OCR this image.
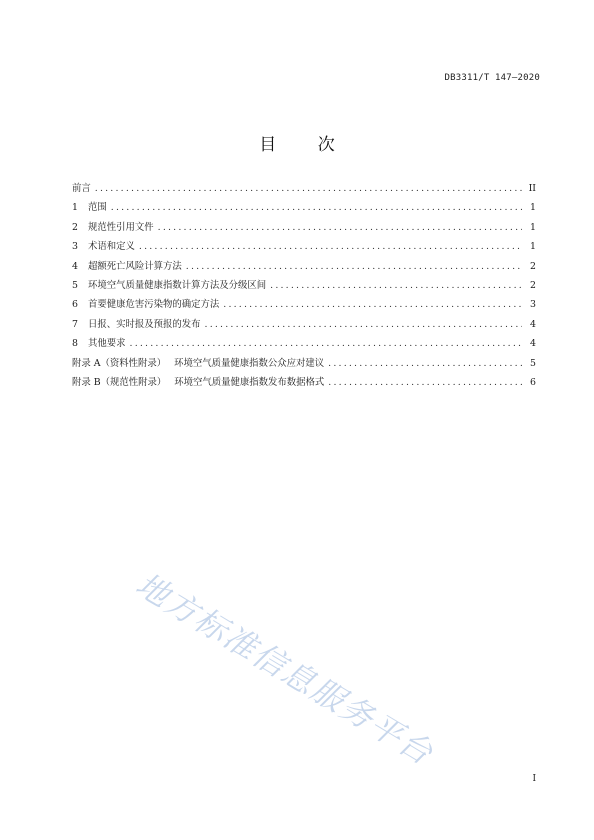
DB3311/T 147—2020
目 次
前言 .....	II
1	范围 .....	1
2	规范性引用文件 .....	1
3	术语和定义 .....	1
4	超额死亡风险计算方法 .....	2
5	环境空气质量健康指数计算方法及分级区间 .....	2
6	首要健康危害污染物的确定方法 .....	3
7	日报、实时报及预报的发布 .....	4
8	其他要求 .....	4
附录 A（资料性附录） 环境空气质量健康指数公众应对建议 .....	5
附录 B（规范性附录） 环境空气质量健康指数发布数据格式 .....	6
地方标准信息服务平台
I
